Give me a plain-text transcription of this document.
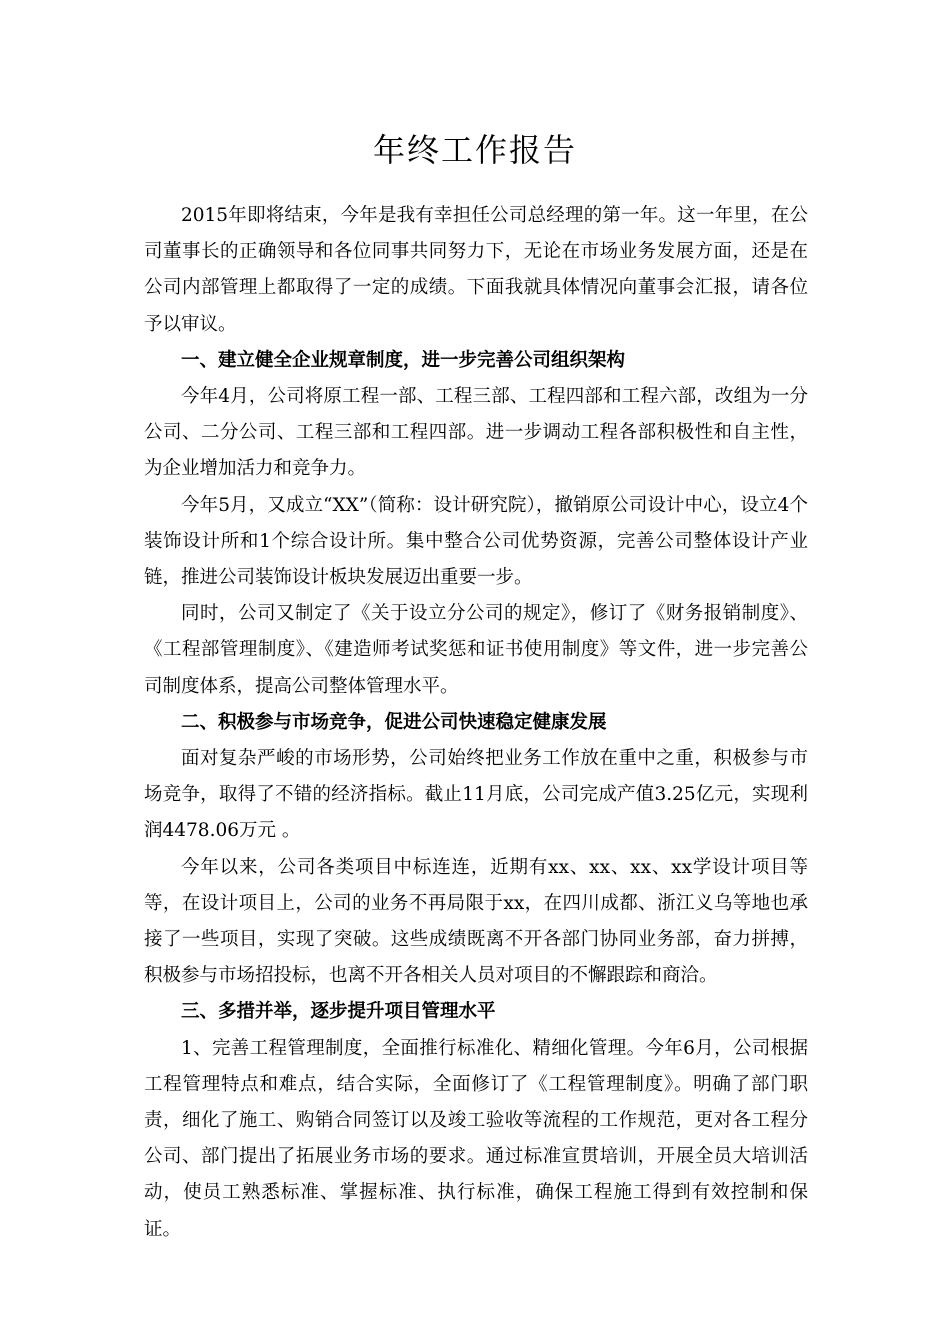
年终工作报告

2015年即将结束，今年是我有幸担任公司总经理的第一年。这一年里，在公司董事长的正确领导和各位同事共同努力下，无论在市场业务发展方面，还是在公司内部管理上都取得了一定的成绩。下面我就具体情况向董事会汇报，请各位予以审议。

一、建立健全企业规章制度，进一步完善公司组织架构

今年4月，公司将原工程一部、工程三部、工程四部和工程六部，改组为一分公司、二分公司、工程三部和工程四部。进一步调动工程各部积极性和自主性，为企业增加活力和竞争力。

今年5月，又成立“XX”（简称：设计研究院），撤销原公司设计中心，设立4个装饰设计所和1个综合设计所。集中整合公司优势资源，完善公司整体设计产业链，推进公司装饰设计板块发展迈出重要一步。

同时，公司又制定了《关于设立分公司的规定》，修订了《财务报销制度》、《工程部管理制度》、《建造师考试奖惩和证书使用制度》等文件，进一步完善公司制度体系，提高公司整体管理水平。

二、积极参与市场竞争，促进公司快速稳定健康发展

面对复杂严峻的市场形势，公司始终把业务工作放在重中之重，积极参与市场竞争，取得了不错的经济指标。截止11月底，公司完成产值3.25亿元，实现利润4478.06万元 。

今年以来，公司各类项目中标连连，近期有xx、xx、xx、xx学设计项目等等，在设计项目上，公司的业务不再局限于xx，在四川成都、浙江义乌等地也承接了一些项目，实现了突破。这些成绩既离不开各部门协同业务部，奋力拼搏，积极参与市场招投标，也离不开各相关人员对项目的不懈跟踪和商洽。

三、多措并举，逐步提升项目管理水平

1、完善工程管理制度，全面推行标准化、精细化管理。今年6月，公司根据工程管理特点和难点，结合实际，全面修订了《工程管理制度》。明确了部门职责，细化了施工、购销合同签订以及竣工验收等流程的工作规范，更对各工程分公司、部门提出了拓展业务市场的要求。通过标准宣贯培训，开展全员大培训活动，使员工熟悉标准、掌握标准、执行标准，确保工程施工得到有效控制和保证。
